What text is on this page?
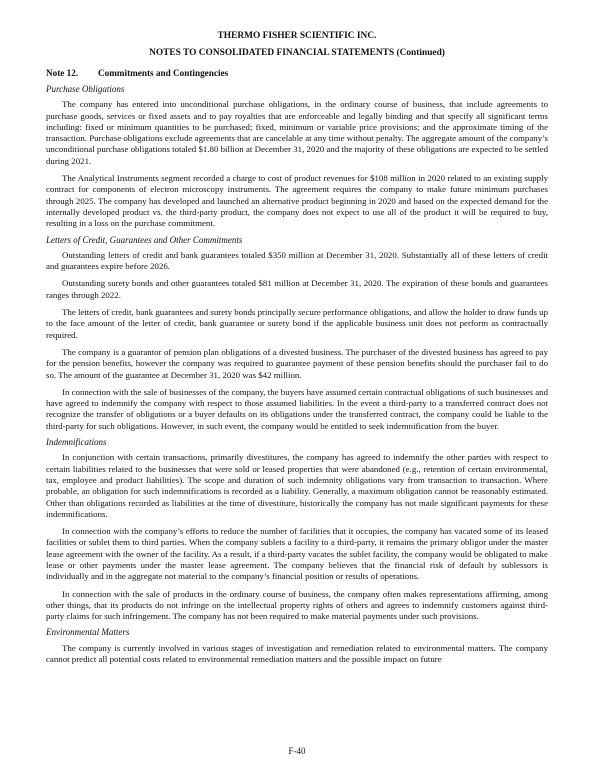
THERMO FISHER SCIENTIFIC INC.
NOTES TO CONSOLIDATED FINANCIAL STATEMENTS (Continued)
Note 12. Commitments and Contingencies
Purchase Obligations

The company has entered into unconditional purchase obligations, in the ordinary course of business, that include agreements to purchase goods, services or fixed assets and to pay royalties that are enforceable and legally binding and that specify all significant terms including: fixed or minimum quantities to be purchased; fixed, minimum or variable price provisions; and the approximate timing of the transaction. Purchase obligations exclude agreements that are cancelable at any time without penalty. The aggregate amount of the company’s unconditional purchase obligations totaled $1.80 billion at December 31, 2020 and the majority of these obligations are expected to be settled during 2021.

The Analytical Instruments segment recorded a charge to cost of product revenues for $108 million in 2020 related to an existing supply contract for components of electron microscopy instruments. The agreement requires the company to make future minimum purchases through 2025. The company has developed and launched an alternative product beginning in 2020 and based on the expected demand for the internally developed product vs. the third-party product, the company does not expect to use all of the product it will be required to buy, resulting in a loss on the purchase commitment.

Letters of Credit, Guarantees and Other Commitments

Outstanding letters of credit and bank guarantees totaled $350 million at December 31, 2020. Substantially all of these letters of credit and guarantees expire before 2026.

Outstanding surety bonds and other guarantees totaled $81 million at December 31, 2020. The expiration of these bonds and guarantees ranges through 2022.

The letters of credit, bank guarantees and surety bonds principally secure performance obligations, and allow the holder to draw funds up to the face amount of the letter of credit, bank guarantee or surety bond if the applicable business unit does not perform as contractually required.

The company is a guarantor of pension plan obligations of a divested business. The purchaser of the divested business has agreed to pay for the pension benefits, however the company was required to guarantee payment of these pension benefits should the purchaser fail to do so. The amount of the guarantee at December 31, 2020 was $42 million.

In connection with the sale of businesses of the company, the buyers have assumed certain contractual obligations of such businesses and have agreed to indemnify the company with respect to those assumed liabilities. In the event a third-party to a transferred contract does not recognize the transfer of obligations or a buyer defaults on its obligations under the transferred contract, the company could be liable to the third-party for such obligations. However, in such event, the company would be entitled to seek indemnification from the buyer.

Indemnifications

In conjunction with certain transactions, primarily divestitures, the company has agreed to indemnify the other parties with respect to certain liabilities related to the businesses that were sold or leased properties that were abandoned (e.g., retention of certain environmental, tax, employee and product liabilities). The scope and duration of such indemnity obligations vary from transaction to transaction. Where probable, an obligation for such indemnifications is recorded as a liability. Generally, a maximum obligation cannot be reasonably estimated. Other than obligations recorded as liabilities at the time of divestiture, historically the company has not made significant payments for these indemnifications.

In connection with the company’s efforts to reduce the number of facilities that it occupies, the company has vacated some of its leased facilities or sublet them to third parties. When the company sublets a facility to a third-party, it remains the primary obligor under the master lease agreement with the owner of the facility. As a result, if a third-party vacates the sublet facility, the company would be obligated to make lease or other payments under the master lease agreement. The company believes that the financial risk of default by sublessors is individually and in the aggregate not material to the company’s financial position or results of operations.

In connection with the sale of products in the ordinary course of business, the company often makes representations affirming, among other things, that its products do not infringe on the intellectual property rights of others and agrees to indemnify customers against third-party claims for such infringement. The company has not been required to make material payments under such provisions.

Environmental Matters

The company is currently involved in various stages of investigation and remediation related to environmental matters. The company cannot predict all potential costs related to environmental remediation matters and the possible impact on future

F-40
